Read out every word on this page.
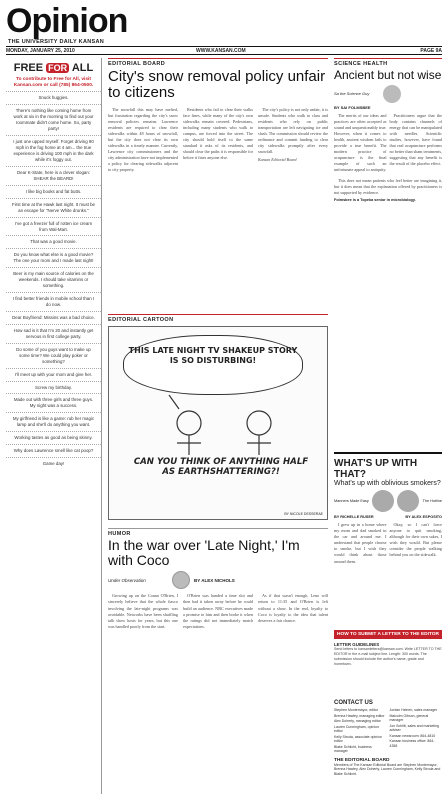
Opinion
THE UNIVERSITY DAILY KANSAN
MONDAY, JANUARY 25, 2010	WWW.KANSAN.COM	PAGE 9A
FREE FOR ALL
To contribute to Free for All, visit Kansan.com or call (785) 864-0500.
Snuck huggies.
There's nothing like coming home from work at six in the morning to find out your roommate didn't come home. So, party party!
I just one upped myself. Forget driving 90 mph in the fog home at 4 am... the true experience is driving 100 mph in the dark while it's foggy out.
Dear K-State, here is a clever slogan: SHEAR the BEARD!
I like big books and fat butts.
First time at the Hawk last night. It must be an escape for "Nerve White drunks."
I've got a freezer full of rotten ice cream from Wal-Mart.
That was a good movie.
Do you know what else is a good movie? The one your mom and I made last night!
Beer is my main source of calories on the weekends. I should take vitamins or something.
I find better friends in mobile school than I do now.
Dear Boyfriend: Missins was a bad choice.
How sad is it that I'm 20 and instantly get nervous in first college party.
Do some of you guys want to make up some time? We could play poker or something?
I'll meet up with your mom and give her.
Screw my birthday.
Made out with three girls and three guys. My night was a success.
My girlfriend is like a game: rub her magic lamp and she'll do anything you want.
Working tastes as good as being skinny.
Why does Lawrence smell like cat poop?
Game day!
EDITORIAL BOARD
City's snow removal policy unfair to citizens

The snowfall this may have melted, but frustration regarding the city's snow removal policies remains. Lawrence residents are required to clear their sidewalks within 48 hours of snowfall, but the city does not clear its own sidewalks in a timely manner. Currently, Lawrence city commissioners and the city administration have not implemented a policy for clearing sidewalks adjacent to city property.

Residents who fail to clear their walks face fines, while many of the city's own sidewalks remain covered. Pedestrians, including many students who walk to campus, are forced into the street. The city should hold itself to the same standard it asks of its residents, and should clear the paths it is responsible for before it fines anyone else.

The city's policy is not only unfair, it is unsafe. Students who walk to class and residents who rely on public transportation are left navigating ice and slush. The commission should review the ordinance and commit funding to clear city sidewalks promptly after every snowfall.

Kansan Editorial Board
EDITORIAL CARTOON
THIS LATE NIGHT TV SHAKEUP STORY IS SO DISTURBING!
CAN YOU THINK OF ANYTHING HALF AS EARTHSHATTERING?!
BY NICOLE DESSERAE
HUMOR
In the war over 'Late Night,' I'm with Coco
Under Observation	BY ALEX NICHOLS

Growing up on the Conan O'Brien, I sincerely believe that the whole fiasco involving the late-night programs was avoidable. Networks have been shuffling talk show hosts for years, but this one was handled poorly from the start.

O'Brien was handed a time slot and then had it taken away before he could build an audience. NBC executives made a promise to him and then broke it when the ratings did not immediately match expectations.

As if that wasn't enough, Leno will return to 11:35 and O'Brien is left without a show. In the end, loyalty to Coco is loyalty to the idea that talent deserves a fair chance.

SCIENCE HEALTH
Ancient but not wise
Sa the Science Guy
BY SAI FOLMSBEE

The merits of our ideas and practices are often accepted as sound and unquestionably true. However, when it comes to health, ancient wisdom fails to provide a true benefit. The modern practice of acupuncture is the final example of such an unfortunate appeal to antiquity.

Practitioners argue that the body contains channels of energy that can be manipulated with needles. Scientific studies, however, have found that real acupuncture performs no better than sham treatments, suggesting that any benefit is the result of the placebo effect.

This does not mean patients who feel better are imagining it, but it does mean that the explanation offered by practitioners is not supported by evidence.

Folmsbee is a Topeka senior in microbiology.
WHAT'S UP WITH THAT?
What's up with oblivious smokers?
Manners Made Easy	The Hotline
BY RICHELLE RUSER	BY ALEX ESPOSITO

I grew up in a home where my mom and dad smoked in the car and around me. I understand that people choose to smoke, but I wish they would think about those around them.

Okay, so I can't force anyone to quit smoking, although for their own sakes, I wish they would. But please consider the people walking behind you on the sidewalk.

HOW TO SUBMIT A LETTER TO THE EDITOR
LETTER GUIDELINES
Send letters to kansanletters@kansan.com. Write LETTER TO THE EDITOR in the e-mail subject line. Length: 300 words. The submission should include the author's name, grade and hometown.
CONTACT US
Stephen Montemayor, editor
Brenna Hawley, managing editor
Alex Doherty, managing editor
Lauren Cunningham, opinion editor
Kelly Stroda, associate opinion editor
Blake Schlicht, business manager
Jordan Heinen, sales manager
Malcolm Gibson, general manager
Jon Schlitt, sales and marketing adviser
Kansan newsroom: 864-4810
Kansan business office: 864-4358
THE EDITORIAL BOARD
Members of The Kansan Editorial Board are Stephen Montemayor, Brenna Hawley, Alex Doherty, Lauren Cunningham, Kelly Stroda and Blake Schlicht.
